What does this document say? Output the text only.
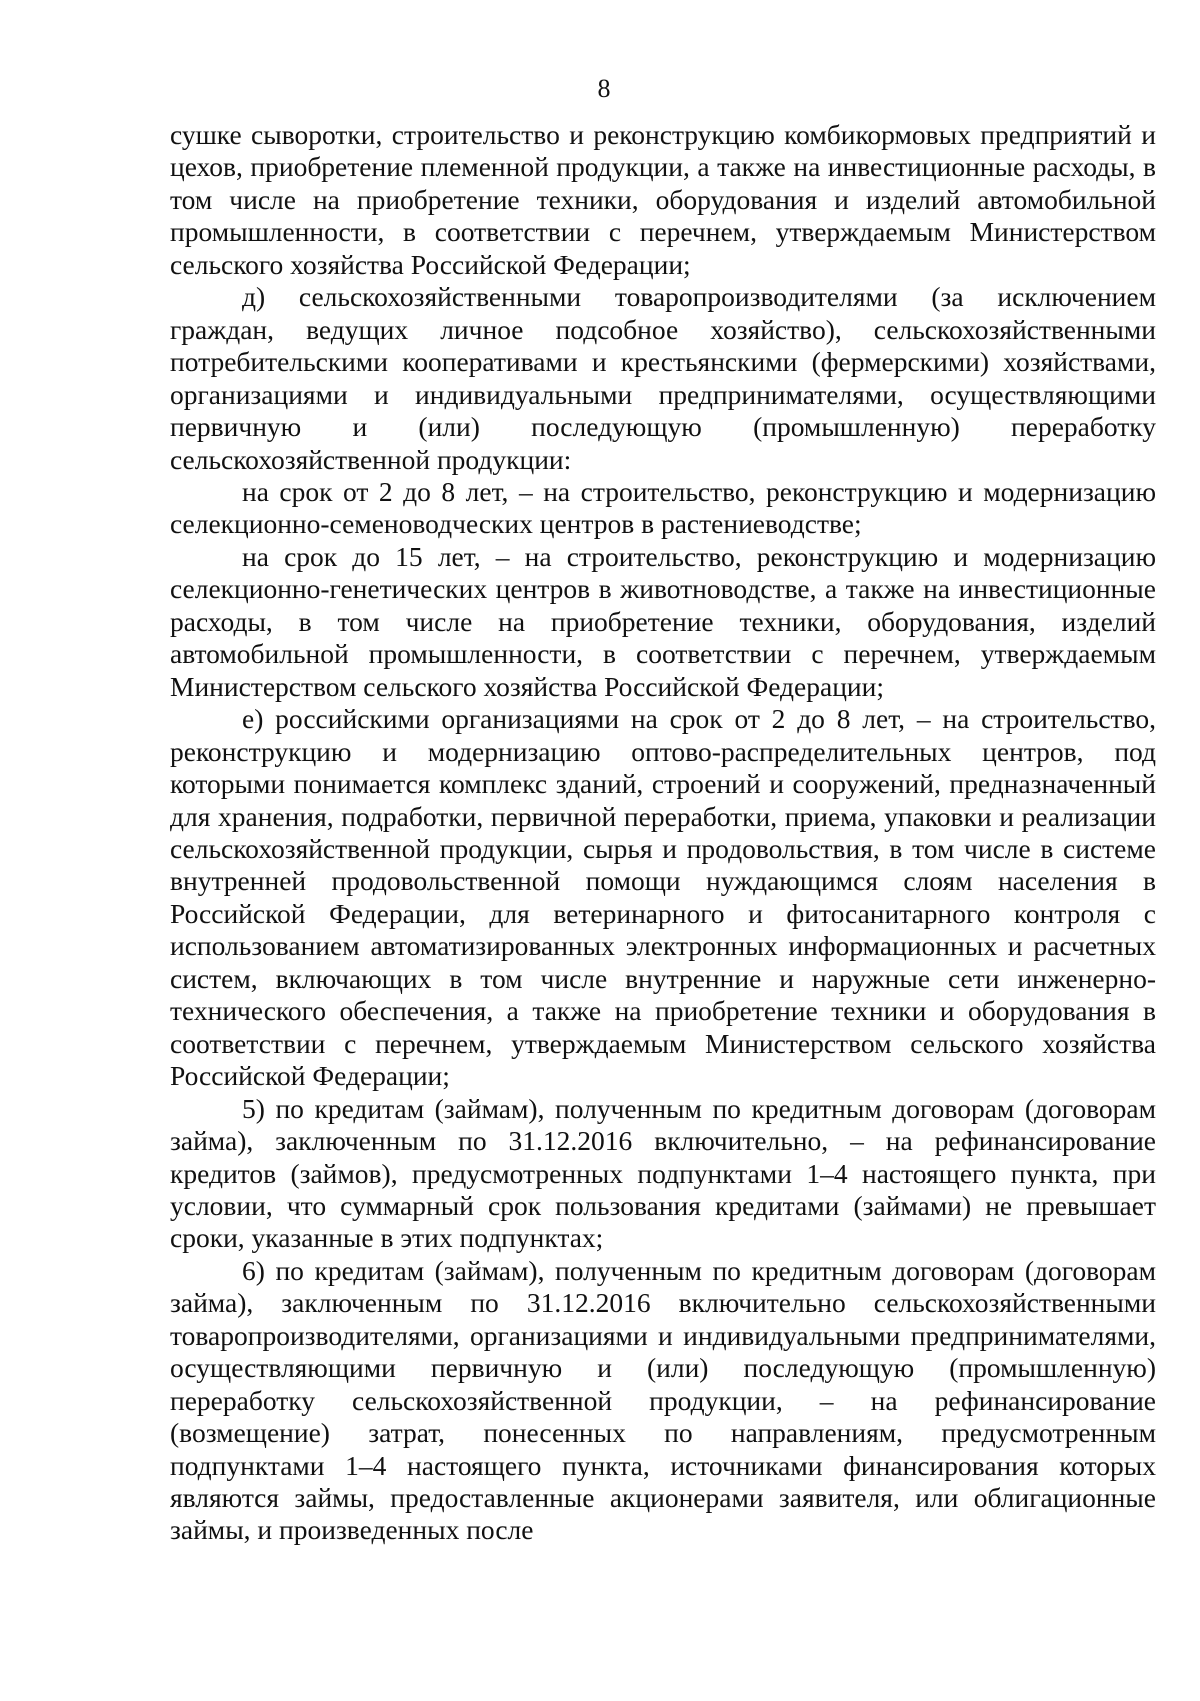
8

сушке сыворотки, строительство и реконструкцию комбикормовых предприятий и цехов, приобретение племенной продукции, а также на инвестиционные расходы, в том числе на приобретение техники, оборудования и изделий автомобильной промышленности, в соответствии с перечнем, утверждаемым Министерством сельского хозяйства Российской Федерации;

д) сельскохозяйственными товаропроизводителями (за исключением граждан, ведущих личное подсобное хозяйство), сельскохозяйственными потребительскими кооперативами и крестьянскими (фермерскими) хозяйствами, организациями и индивидуальными предпринимателями, осуществляющими первичную и (или) последующую (промышленную) переработку сельскохозяйственной продукции:

на срок от 2 до 8 лет, – на строительство, реконструкцию и модернизацию селекционно-семеноводческих центров в растениеводстве;

на срок до 15 лет, – на строительство, реконструкцию и модернизацию селекционно-генетических центров в животноводстве, а также на инвестиционные расходы, в том числе на приобретение техники, оборудования, изделий автомобильной промышленности, в соответствии с перечнем, утверждаемым Министерством сельского хозяйства Российской Федерации;

е) российскими организациями на срок от 2 до 8 лет, – на строительство, реконструкцию и модернизацию оптово-распределительных центров, под которыми понимается комплекс зданий, строений и сооружений, предназначенный для хранения, подработки, первичной переработки, приема, упаковки и реализации сельскохозяйственной продукции, сырья и продовольствия, в том числе в системе внутренней продовольственной помощи нуждающимся слоям населения в Российской Федерации, для ветеринарного и фитосанитарного контроля с использованием автоматизированных электронных информационных и расчетных систем, включающих в том числе внутренние и наружные сети инженерно-технического обеспечения, а также на приобретение техники и оборудования в соответствии с перечнем, утверждаемым Министерством сельского хозяйства Российской Федерации;

5) по кредитам (займам), полученным по кредитным договорам (договорам займа), заключенным по 31.12.2016 включительно, – на рефинансирование кредитов (займов), предусмотренных подпунктами 1–4 настоящего пункта, при условии, что суммарный срок пользования кредитами (займами) не превышает сроки, указанные в этих подпунктах;

6) по кредитам (займам), полученным по кредитным договорам (договорам займа), заключенным по 31.12.2016 включительно сельскохозяйственными товаропроизводителями, организациями и индивидуальными предпринимателями, осуществляющими первичную и (или) последующую (промышленную) переработку сельскохозяйственной продукции, – на рефинансирование (возмещение) затрат, понесенных по направлениям, предусмотренным подпунктами 1–4 настоящего пункта, источниками финансирования которых являются займы, предоставленные акционерами заявителя, или облигационные займы, и произведенных после
